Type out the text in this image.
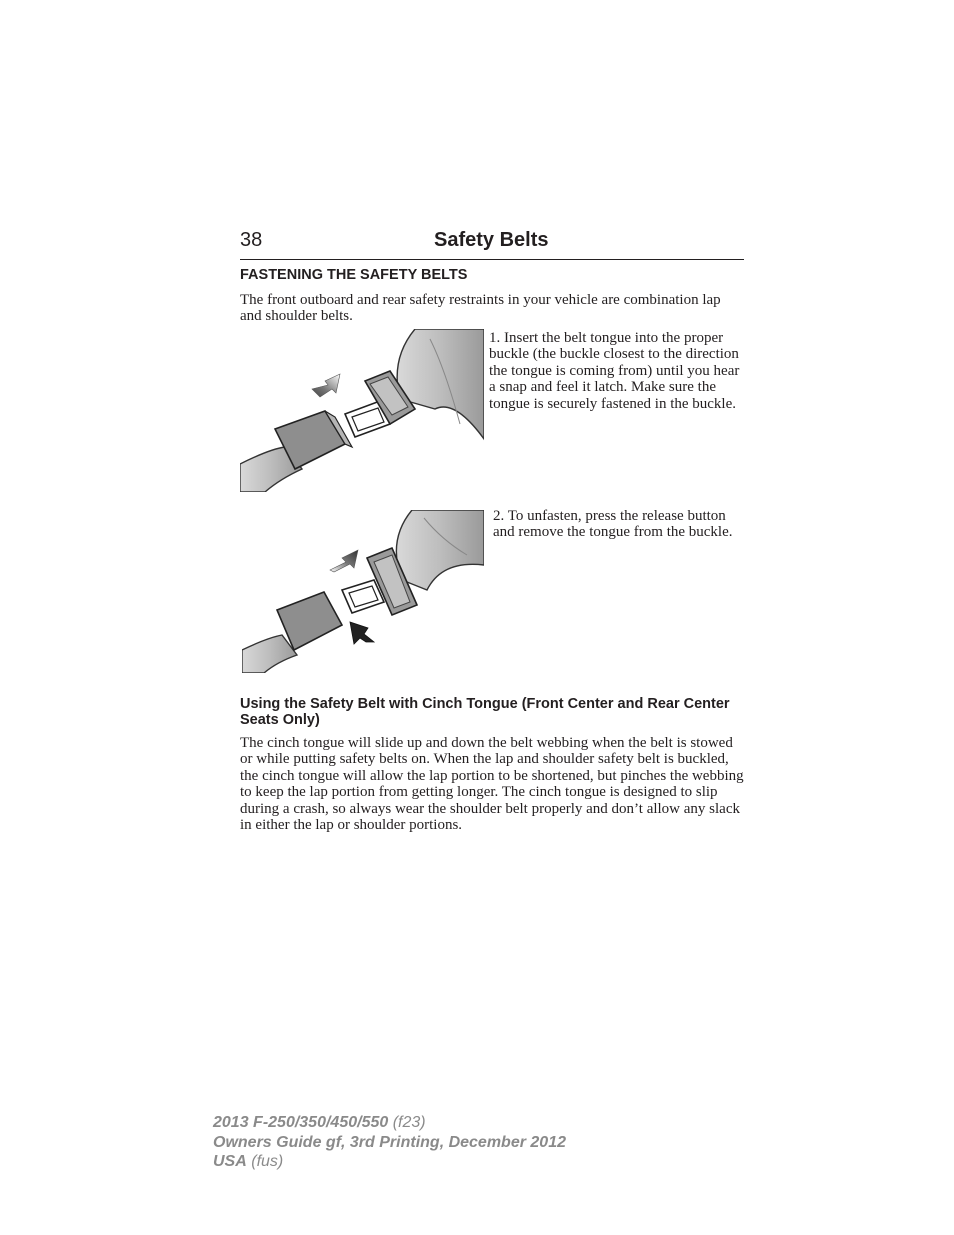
38	Safety Belts
FASTENING THE SAFETY BELTS
The front outboard and rear safety restraints in your vehicle are combination lap and shoulder belts.
1. Insert the belt tongue into the proper buckle (the buckle closest to the direction the tongue is coming from) until you hear a snap and feel it latch. Make sure the tongue is securely fastened in the buckle.
2. To unfasten, press the release button and remove the tongue from the buckle.
Using the Safety Belt with Cinch Tongue (Front Center and Rear Center Seats Only)
The cinch tongue will slide up and down the belt webbing when the belt is stowed or while putting safety belts on. When the lap and shoulder safety belt is buckled, the cinch tongue will allow the lap portion to be shortened, but pinches the webbing to keep the lap portion from getting longer. The cinch tongue is designed to slip during a crash, so always wear the shoulder belt properly and don’t allow any slack in either the lap or shoulder portions.
2013 F-250/350/450/550 (f23)
Owners Guide gf, 3rd Printing, December 2012
USA (fus)
